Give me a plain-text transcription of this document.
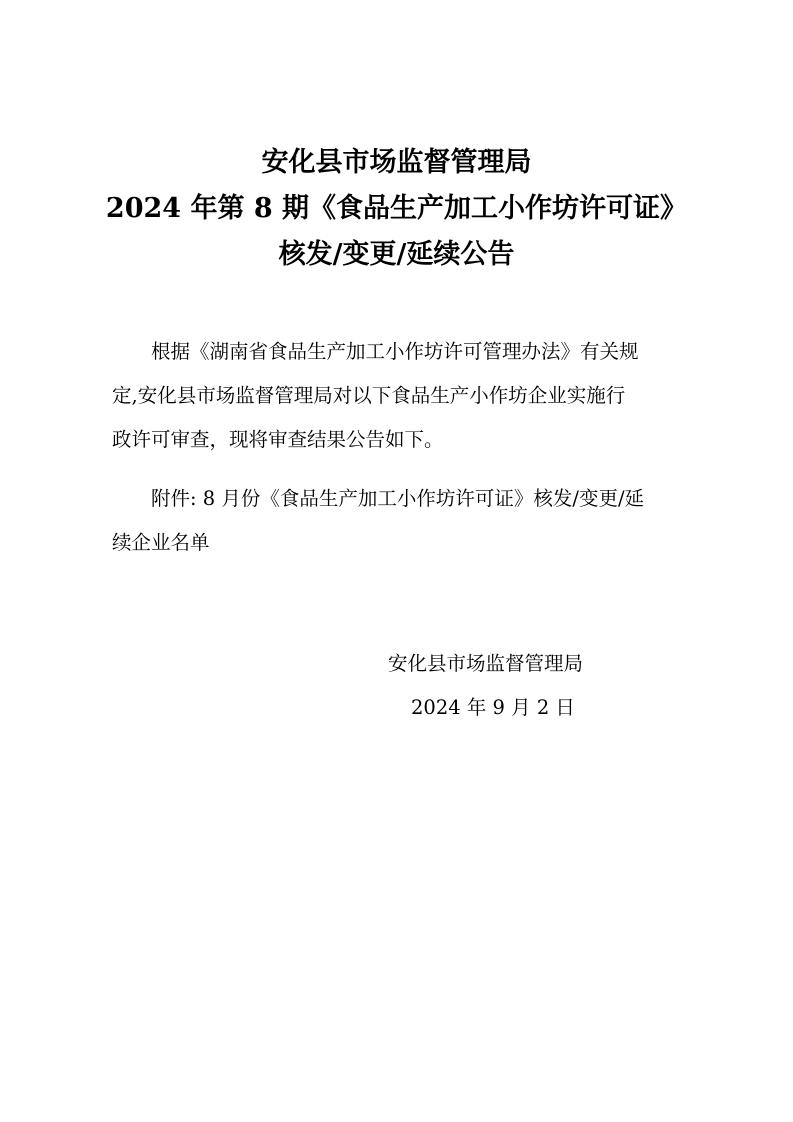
安化县市场监督管理局
2024 年第 8 期《食品生产加工小作坊许可证》
核发/变更/延续公告
根据《湖南省食品生产加工小作坊许可管理办法》有关规
定,安化县市场监督管理局对以下食品生产小作坊企业实施行
政许可审查，现将审查结果公告如下。
附件: 8 月份《食品生产加工小作坊许可证》核发/变更/延
续企业名单
安化县市场监督管理局
2024 年 9 月 2 日
